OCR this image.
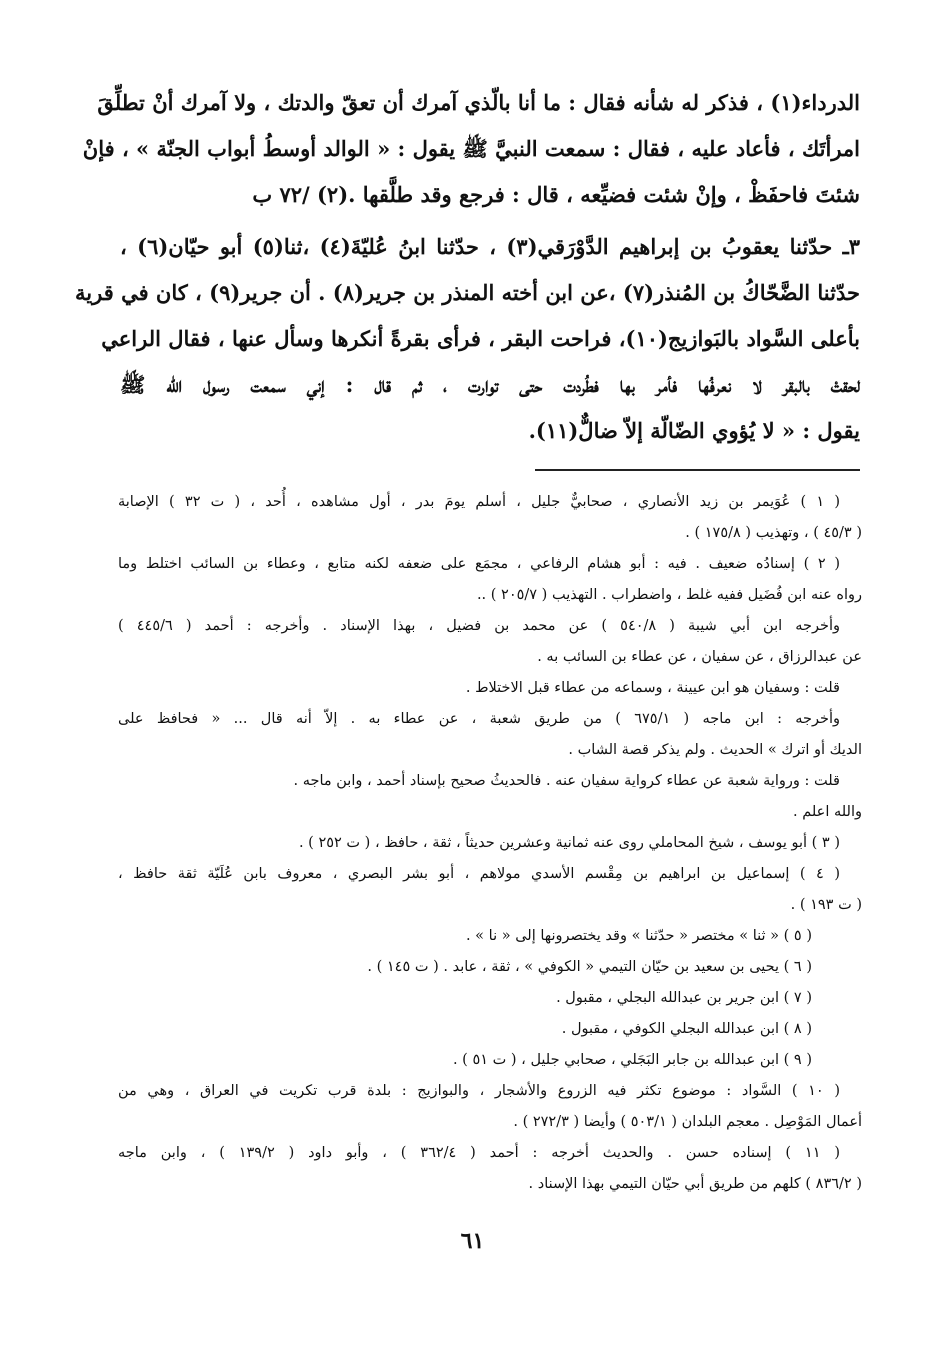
الدرداء(١) ، فذكر له شأنه فقال : ما أنا بالّذي آمرك أن تعقّ والدتك ، ولا آمرك أنْ تطلِّقَ
امرأتَك ، فأعاد عليه ، فقال : سمعت النبيَّ ﷺ يقول : « الوالد أوسطُ أبواب الجنّة » ، فإنْ
شئتَ فاحفَظْ ، وإنْ شئت فضيِّعه ، قال : فرجع وقد طلَّقها .(٢) /٧٢ ب
٣ـ حدّثنا يعقوبُ بن إبراهيم الدَّوْرَقي(٣) ، حدّثنا ابنُ عُليّةَ(٤) ،ثنا(٥) أبو حيّان(٦) ،
حدّثنا الضَّحّاكُ بن المُنذر(٧) ،عن ابن أخته المنذر بن جرير(٨) . أن جرير(٩) ، كان في قرية
بأعلى السَّواد بالبَوازيج(١٠)، فراحت البقر ، فرأى بقرةً أنكرها وسأل عنها ، فقال الراعي
لحقتْ بالبقر لا نعرفُها فأمر بها فطُردت حتى توارت ، ثم قال : إني سمعت رسول الله ﷺ
يقول : « لا يُؤوي الضّالّة إلاّ ضالٌّ(١١).
( ١ ) عُوَيمر بن زيد الأنصاري ، صحابيٌّ جليل ، أسلم يومَ بدر ، أول مشاهده ، أُحد ، ( ت ٣٢ ) الإصابة
( ٤٥/٣ ) ، وتهذيب ( ١٧٥/٨ ) .
( ٢ ) إسنادُه ضعيف . فيه : أبو هشام الرفاعي ، مجمَع على ضعفه لكنه متابع ، وعطاء بن السائب اختلط وما
رواه عنه ابن فُضَيل ففيه غلط ، واضطراب . التهذيب ( ٢٠٥/٧ ) ..
وأخرجه ابن أبي شيبة ( ٥٤٠/٨ ) عن محمد بن فضيل ، بهذا الإسناد . وأخرجه : أحمد ( ٤٤٥/٦ )
عن عبدالرزاق ، عن سفيان ، عن عطاء بن السائب به .
قلت : وسفيان هو ابن عيينة ، وسماعه من عطاء قبل الاختلاط .
وأخرجه : ابن ماجه ( ٦٧٥/١ ) من طريق شعبة ، عن عطاء به . إلاّ أنه قال ... « فحافظ على
الديك أو اترك » الحديث . ولم يذكر قصة الشاب .
قلت : ورواية شعبة عن عطاء كرواية سفيان عنه . فالحديثُ صحيح بإسناد أحمد ، وابن ماجه .
والله اعلم .
( ٣ ) أبو يوسف ، شيخ المحاملي روى عنه ثمانية وعشرين حديثاً ، ثقة ، حافظ ، ( ت ٢٥٢ ) .
( ٤ ) إسماعيل بن ابراهيم بن مِقْسم الأسدي مولاهم ، أبو بشر البصري ، معروف بابن عُلَيّة ثقة حافظ ،
( ت ١٩٣ ) .
( ٥ ) « ثنا » مختصر « حدّثنا » وقد يختصرونها إلى « نا » .
( ٦ ) يحيى بن سعيد بن حيّان التيمي « الكوفي » ، ثقة ، عابد . ( ت ١٤٥ ) .
( ٧ ) ابن جرير بن عبدالله البجلي ، مقبول .
( ٨ ) ابن عبدالله البجلي الكوفي ، مقبول .
( ٩ ) ابن عبدالله بن جابر البَجَلي ، صحابي جليل ، ( ت ٥١ ) .
( ١٠ ) السَّواد : موضوع تكثر فيه الزروع والأشجار ، والبوازيج : بلدة قرب تكريت في العراق ، وهي من
أعمال المَوْصِل . معجم البلدان ( ٥٠٣/١ ) وأيضا ( ٢٧٢/٣ ) .
( ١١ ) إسناده حسن . والحديث أخرجه : أحمد ( ٣٦٢/٤ ) ، وأبو داود ( ١٣٩/٢ ) ، وابن ماجه
( ٨٣٦/٢ ) كلهم من طريق أبي حيّان التيمي بهذا الإسناد .
٦١
